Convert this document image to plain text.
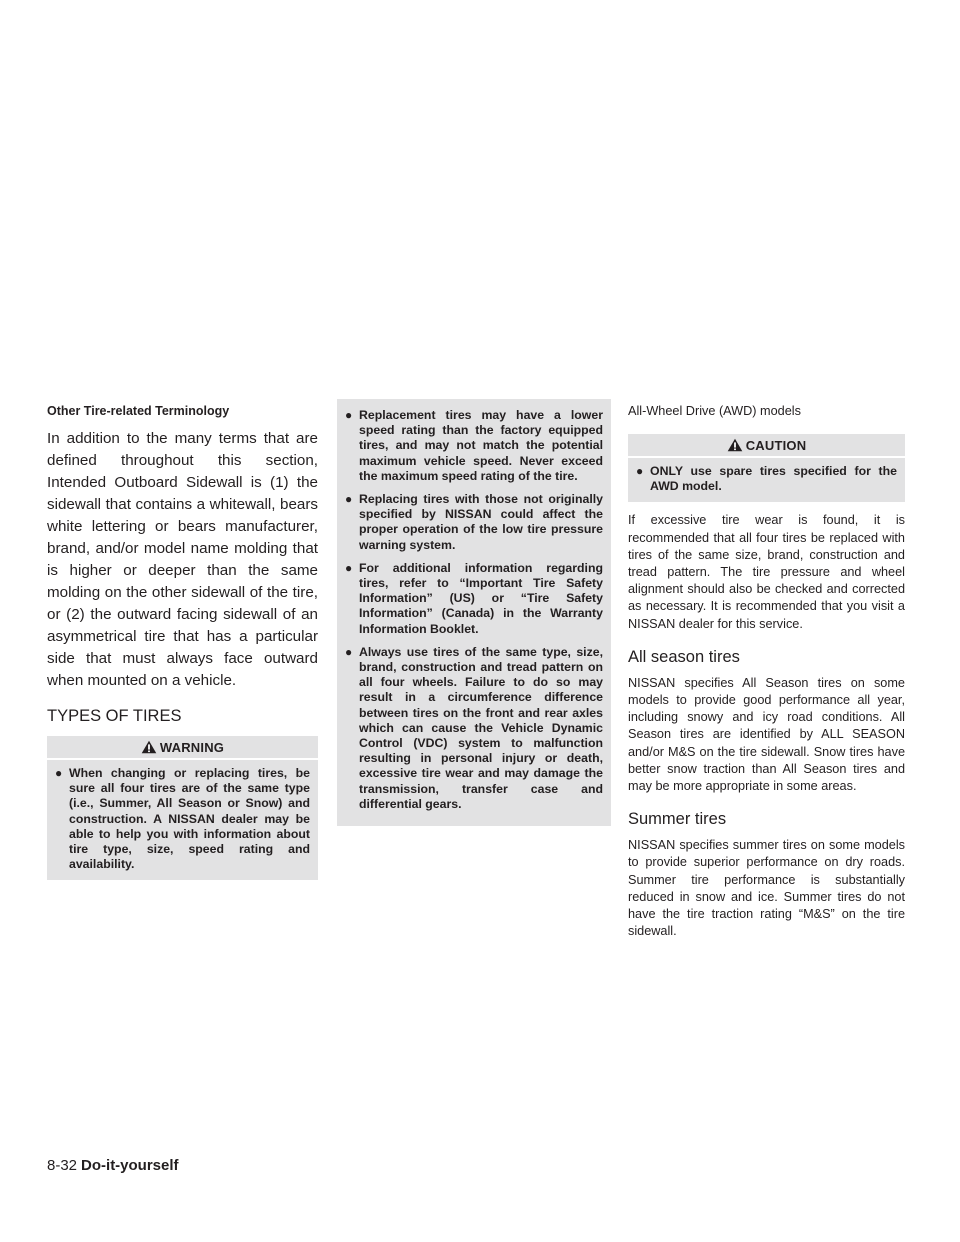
Other Tire-related Terminology

In addition to the many terms that are defined throughout this section, Intended Outboard Sidewall is (1) the sidewall that contains a whitewall, bears white lettering or bears manufacturer, brand, and/or model name molding that is higher or deeper than the same molding on the other sidewall of the tire, or (2) the outward facing sidewall of an asymmetrical tire that has a particular side that must always face outward when mounted on a vehicle.

TYPES OF TIRES
WARNING
● When changing or replacing tires, be sure all four tires are of the same type (i.e., Summer, All Season or Snow) and construction. A NISSAN dealer may be able to help you with information about tire type, size, speed rating and availability.
● Replacement tires may have a lower speed rating than the factory equipped tires, and may not match the potential maximum vehicle speed. Never exceed the maximum speed rating of the tire.
● Replacing tires with those not originally specified by NISSAN could affect the proper operation of the low tire pressure warning system.
● For additional information regarding tires, refer to “Important Tire Safety Information” (US) or “Tire Safety Information” (Canada) in the Warranty Information Booklet.
● Always use tires of the same type, size, brand, construction and tread pattern on all four wheels. Failure to do so may result in a circumference difference between tires on the front and rear axles which can cause the Vehicle Dynamic Control (VDC) system to malfunction resulting in personal injury or death, excessive tire wear and may damage the transmission, transfer case and differential gears.
All-Wheel Drive (AWD) models
CAUTION
● ONLY use spare tires specified for the AWD model.

If excessive tire wear is found, it is recommended that all four tires be replaced with tires of the same size, brand, construction and tread pattern. The tire pressure and wheel alignment should also be checked and corrected as necessary. It is recommended that you visit a NISSAN dealer for this service.

All season tires

NISSAN specifies All Season tires on some models to provide good performance all year, including snowy and icy road conditions. All Season tires are identified by ALL SEASON and/or M&S on the tire sidewall. Snow tires have better snow traction than All Season tires and may be more appropriate in some areas.

Summer tires

NISSAN specifies summer tires on some models to provide superior performance on dry roads. Summer tire performance is substantially reduced in snow and ice. Summer tires do not have the tire traction rating “M&S” on the tire sidewall.

8-32 Do-it-yourself
